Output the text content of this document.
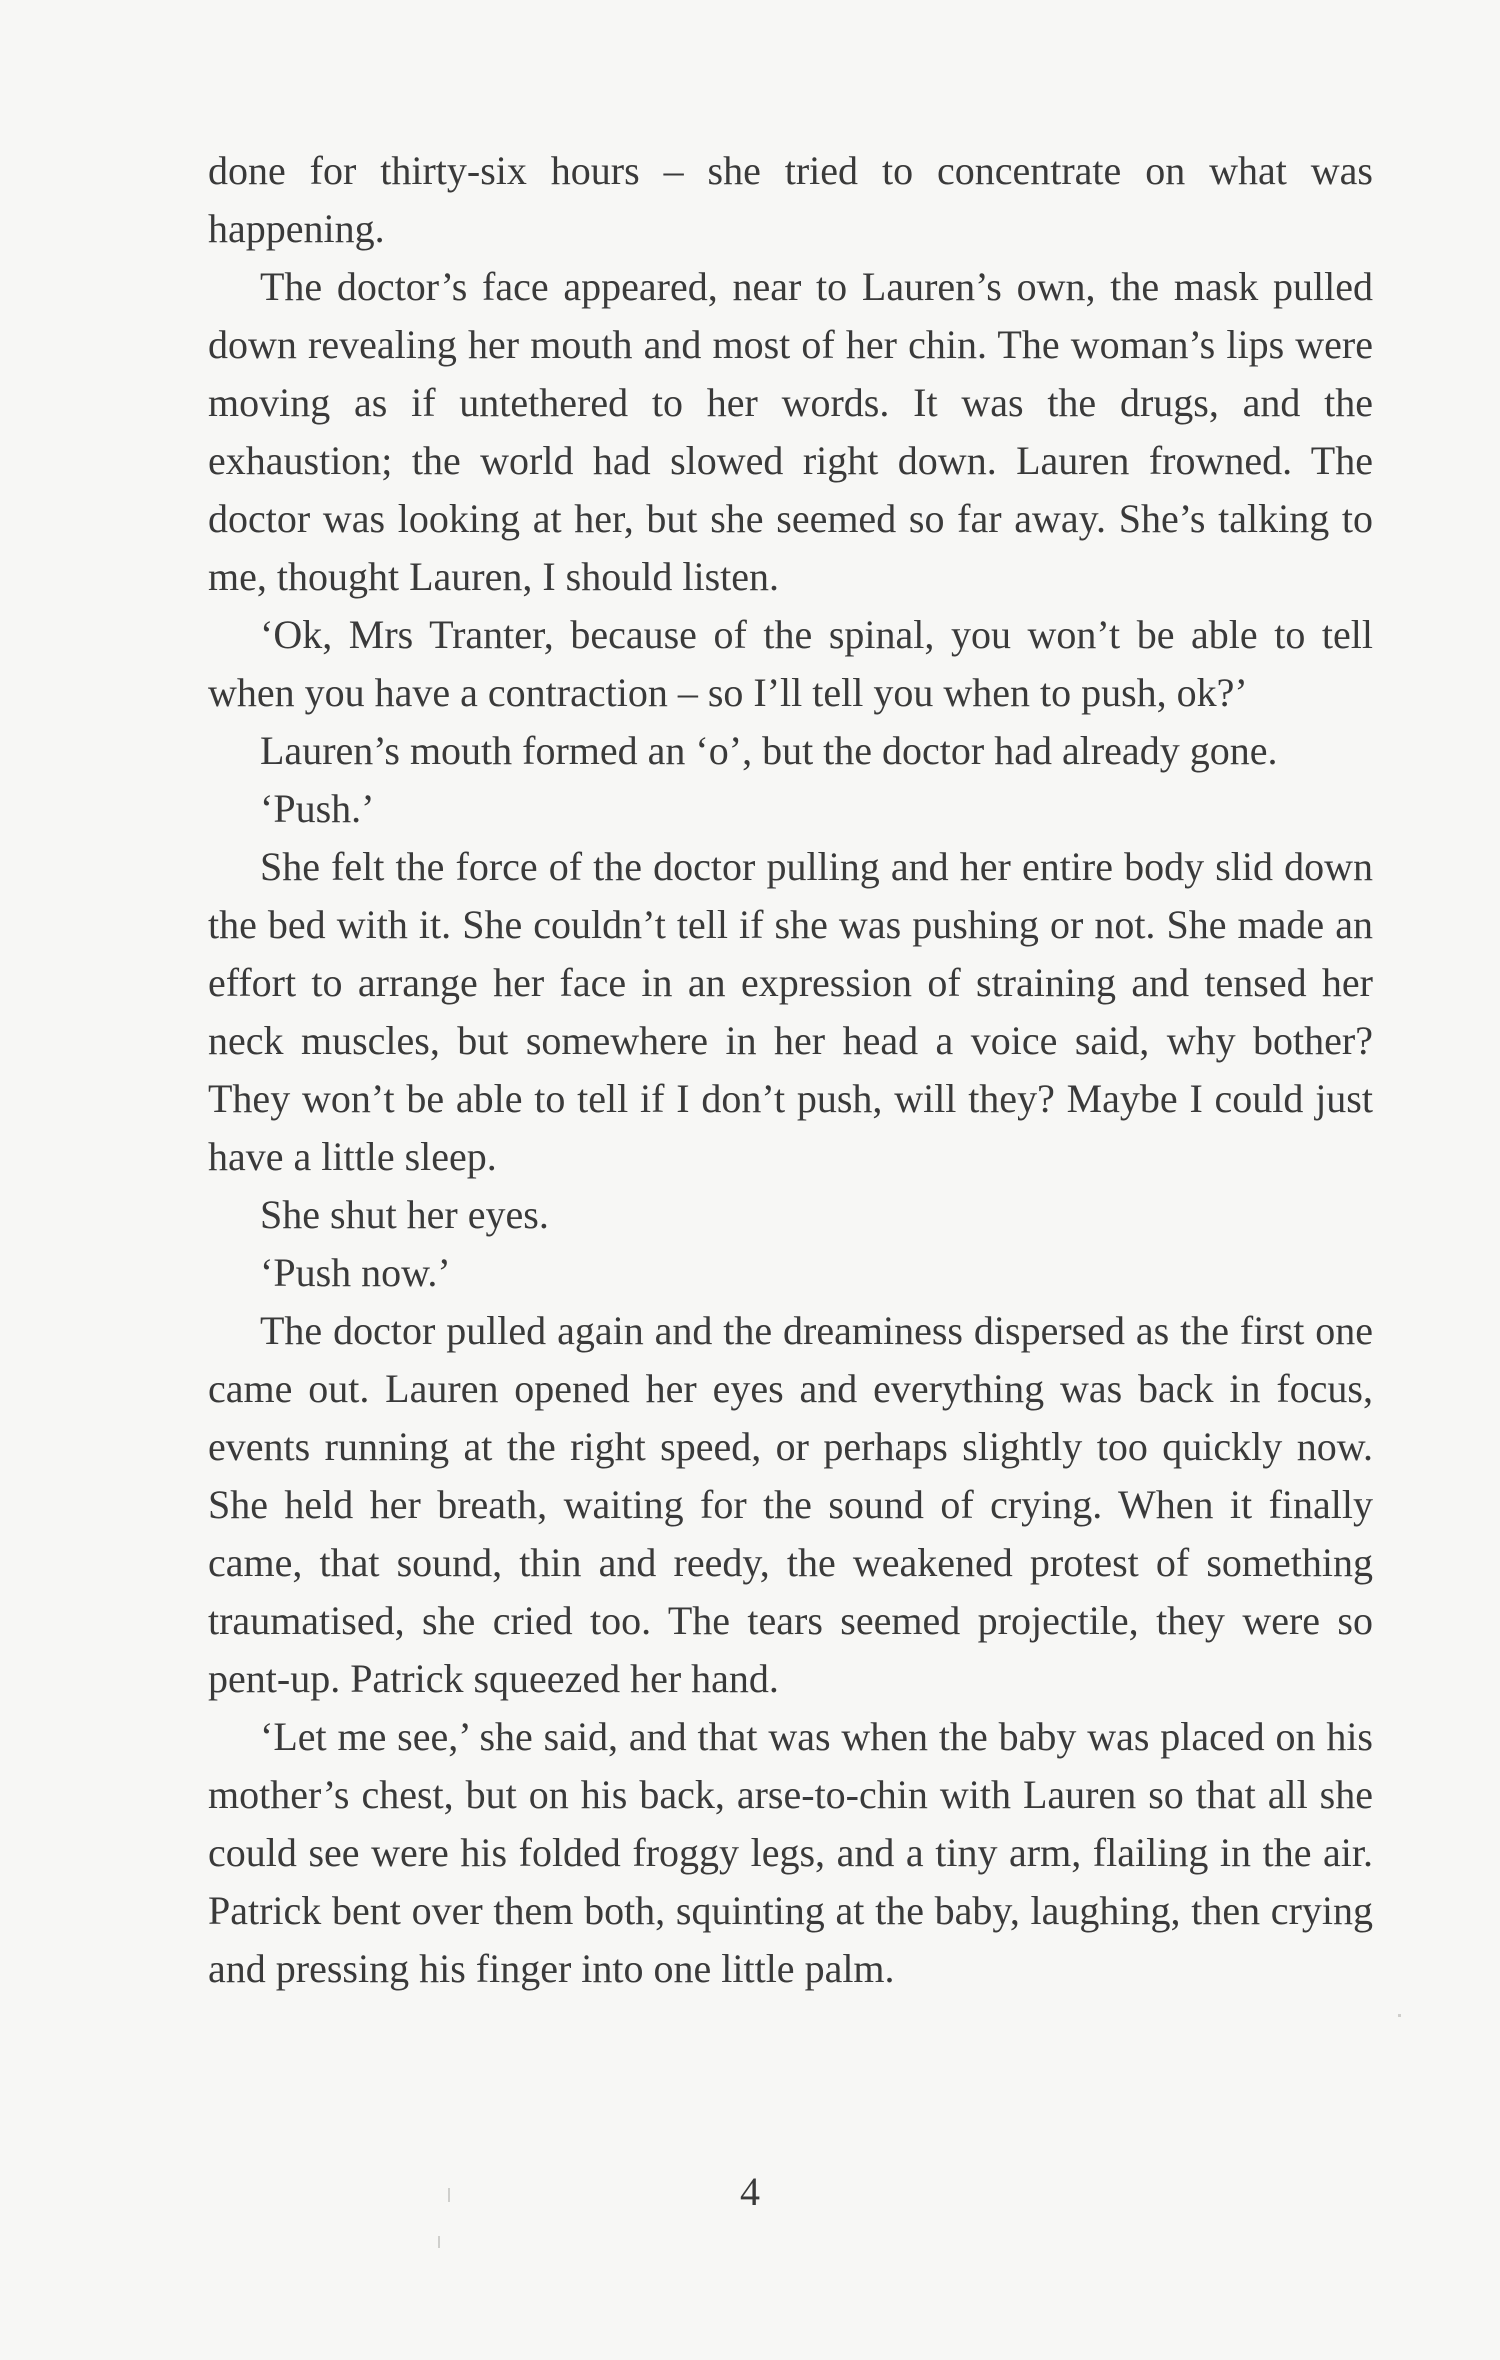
done for thirty-six hours – she tried to concentrate on what was happening.

The doctor’s face appeared, near to Lauren’s own, the mask pulled down revealing her mouth and most of her chin. The woman’s lips were moving as if untethered to her words. It was the drugs, and the exhaustion; the world had slowed right down. Lauren frowned. The doctor was looking at her, but she seemed so far away. She’s talking to me, thought Lauren, I should listen.

‘Ok, Mrs Tranter, because of the spinal, you won’t be able to tell when you have a contraction – so I’ll tell you when to push, ok?’

Lauren’s mouth formed an ‘o’, but the doctor had already gone.

‘Push.’

She felt the force of the doctor pulling and her entire body slid down the bed with it. She couldn’t tell if she was pushing or not. She made an effort to arrange her face in an expression of straining and tensed her neck muscles, but somewhere in her head a voice said, why bother? They won’t be able to tell if I don’t push, will they? Maybe I could just have a little sleep.

She shut her eyes.

‘Push now.’

The doctor pulled again and the dreaminess dispersed as the first one came out. Lauren opened her eyes and everything was back in focus, events running at the right speed, or perhaps slightly too quickly now. She held her breath, waiting for the sound of crying. When it finally came, that sound, thin and reedy, the weakened protest of something traumatised, she cried too. The tears seemed projectile, they were so pent-up. Patrick squeezed her hand.

‘Let me see,’ she said, and that was when the baby was placed on his mother’s chest, but on his back, arse-to-chin with Lauren so that all she could see were his folded froggy legs, and a tiny arm, flailing in the air. Patrick bent over them both, squinting at the baby, laughing, then crying and pressing his finger into one little palm.

4
